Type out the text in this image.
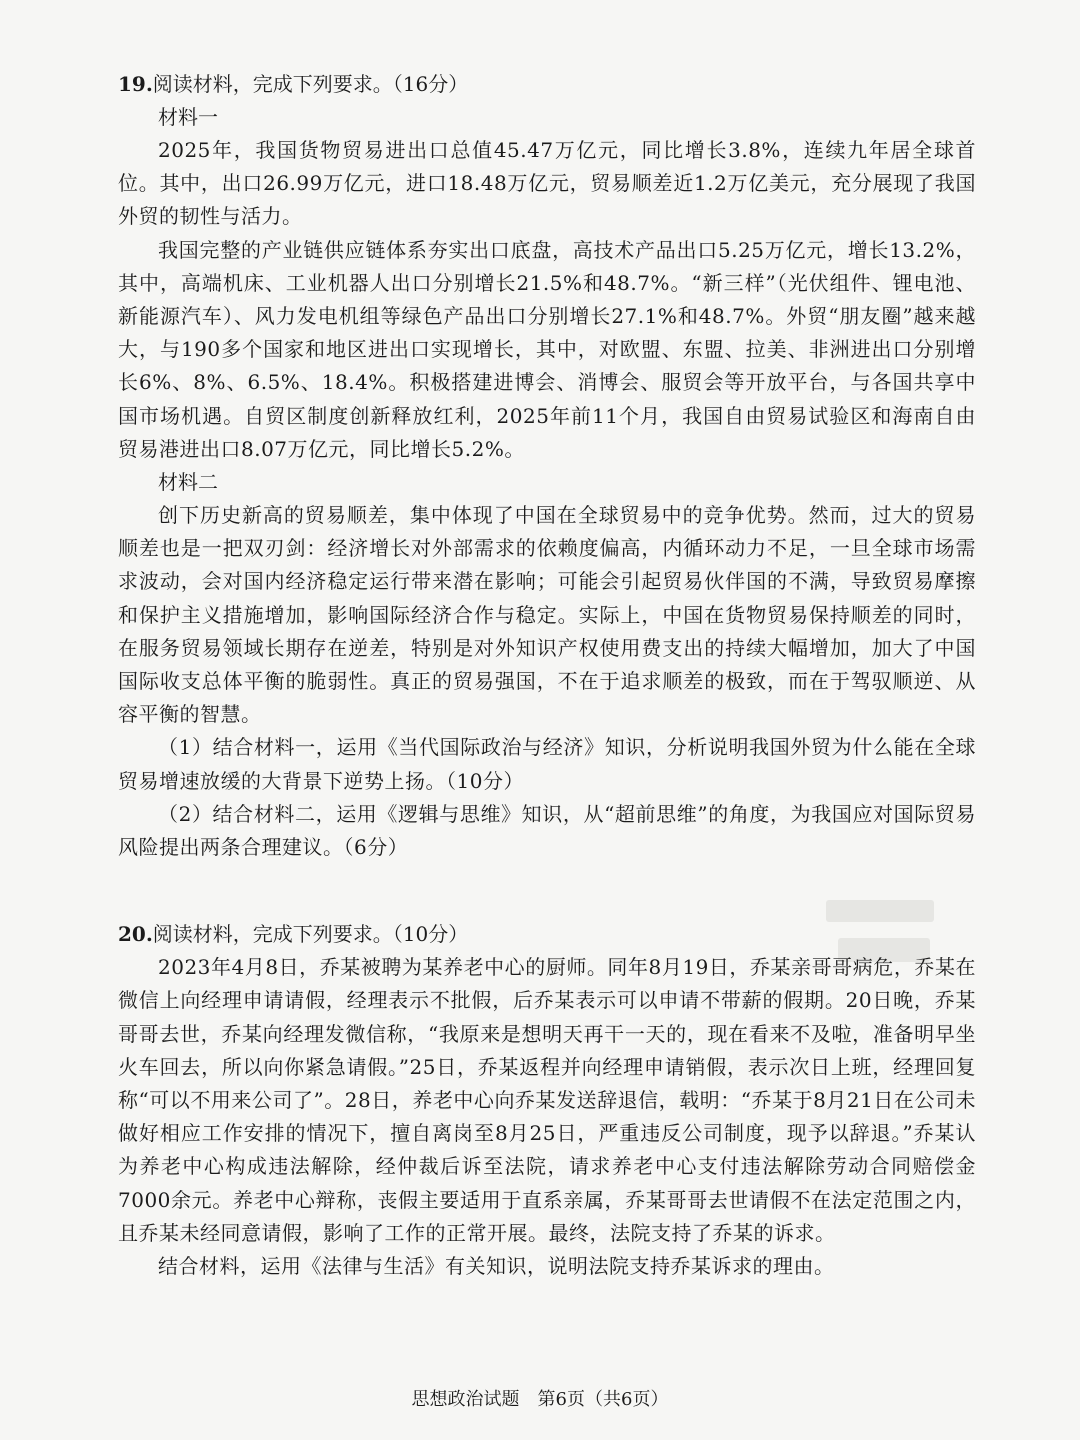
19.阅读材料，完成下列要求。（16分）

材料一

2025年，我国货物贸易进出口总值45.47万亿元，同比增长3.8%，连续九年居全球首位。其中，出口26.99万亿元，进口18.48万亿元，贸易顺差近1.2万亿美元，充分展现了我国外贸的韧性与活力。

我国完整的产业链供应链体系夯实出口底盘，高技术产品出口5.25万亿元，增长13.2%，其中，高端机床、工业机器人出口分别增长21.5%和48.7%。“新三样”（光伏组件、锂电池、新能源汽车）、风力发电机组等绿色产品出口分别增长27.1%和48.7%。外贸“朋友圈”越来越大，与190多个国家和地区进出口实现增长，其中，对欧盟、东盟、拉美、非洲进出口分别增长6%、8%、6.5%、18.4%。积极搭建进博会、消博会、服贸会等开放平台，与各国共享中国市场机遇。自贸区制度创新释放红利，2025年前11个月，我国自由贸易试验区和海南自由贸易港进出口8.07万亿元，同比增长5.2%。

材料二

创下历史新高的贸易顺差，集中体现了中国在全球贸易中的竞争优势。然而，过大的贸易顺差也是一把双刃剑：经济增长对外部需求的依赖度偏高，内循环动力不足，一旦全球市场需求波动，会对国内经济稳定运行带来潜在影响；可能会引起贸易伙伴国的不满，导致贸易摩擦和保护主义措施增加，影响国际经济合作与稳定。实际上，中国在货物贸易保持顺差的同时，在服务贸易领域长期存在逆差，特别是对外知识产权使用费支出的持续大幅增加，加大了中国国际收支总体平衡的脆弱性。真正的贸易强国，不在于追求顺差的极致，而在于驾驭顺逆、从容平衡的智慧。

（1）结合材料一，运用《当代国际政治与经济》知识，分析说明我国外贸为什么能在全球贸易增速放缓的大背景下逆势上扬。（10分）

（2）结合材料二，运用《逻辑与思维》知识，从“超前思维”的角度，为我国应对国际贸易风险提出两条合理建议。（6分）

20.阅读材料，完成下列要求。（10分）

2023年4月8日，乔某被聘为某养老中心的厨师。同年8月19日，乔某亲哥哥病危，乔某在微信上向经理申请请假，经理表示不批假，后乔某表示可以申请不带薪的假期。20日晚，乔某哥哥去世，乔某向经理发微信称，“我原来是想明天再干一天的，现在看来不及啦，准备明早坐火车回去，所以向你紧急请假。”25日，乔某返程并向经理申请销假，表示次日上班，经理回复称“可以不用来公司了”。28日，养老中心向乔某发送辞退信，载明：“乔某于8月21日在公司未做好相应工作安排的情况下，擅自离岗至8月25日，严重违反公司制度，现予以辞退。”乔某认为养老中心构成违法解除，经仲裁后诉至法院，请求养老中心支付违法解除劳动合同赔偿金7000余元。养老中心辩称，丧假主要适用于直系亲属，乔某哥哥去世请假不在法定范围之内，且乔某未经同意请假，影响了工作的正常开展。最终，法院支持了乔某的诉求。

结合材料，运用《法律与生活》有关知识，说明法院支持乔某诉求的理由。

思想政治试题　第6页（共6页）
